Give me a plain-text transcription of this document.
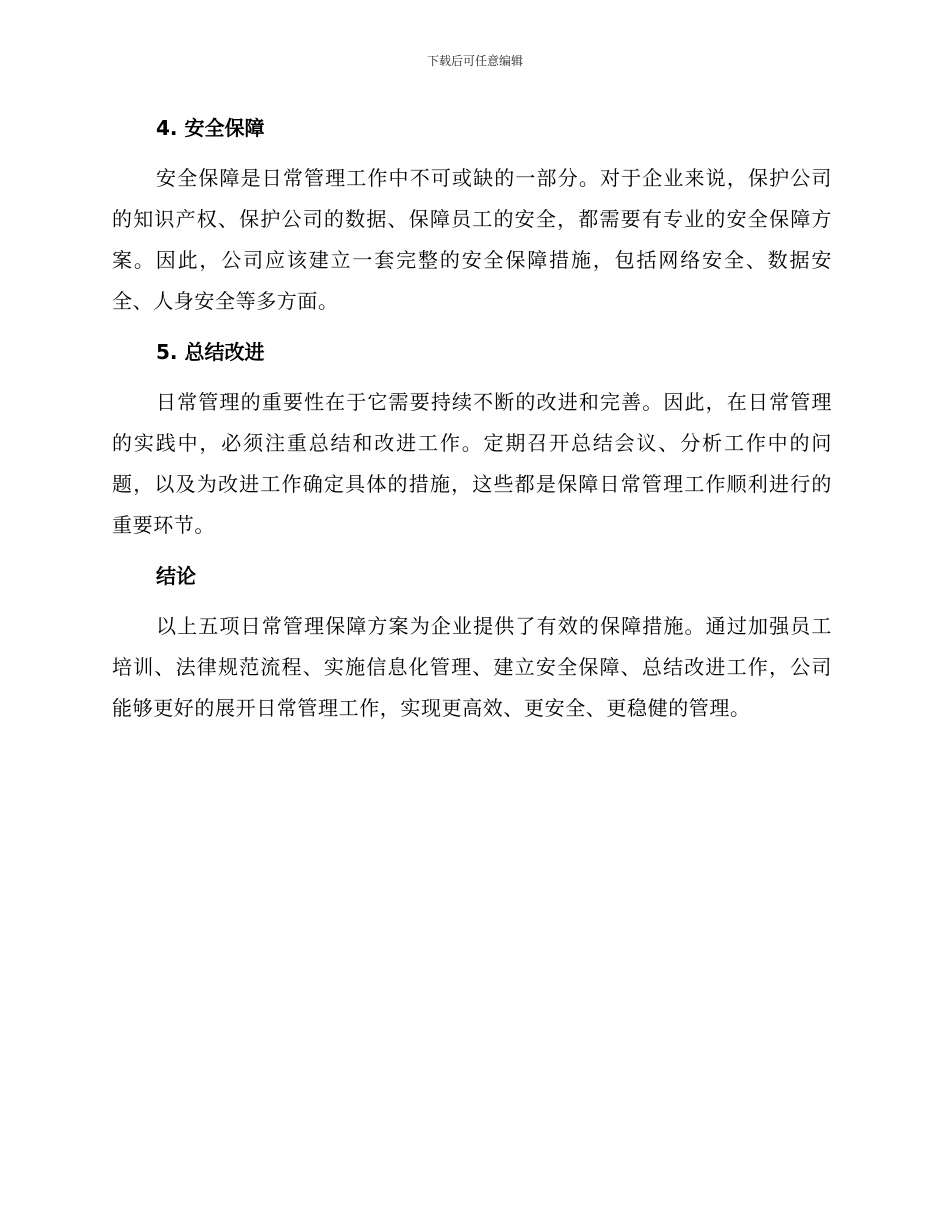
下载后可任意编辑
4. 安全保障

安全保障是日常管理工作中不可或缺的一部分。对于企业来说，保护公司的知识产权、保护公司的数据、保障员工的安全，都需要有专业的安全保障方案。因此，公司应该建立一套完整的安全保障措施，包括网络安全、数据安全、人身安全等多方面。

5. 总结改进

日常管理的重要性在于它需要持续不断的改进和完善。因此，在日常管理的实践中，必须注重总结和改进工作。定期召开总结会议、分析工作中的问题，以及为改进工作确定具体的措施，这些都是保障日常管理工作顺利进行的重要环节。

结论

以上五项日常管理保障方案为企业提供了有效的保障措施。通过加强员工培训、法律规范流程、实施信息化管理、建立安全保障、总结改进工作，公司能够更好的展开日常管理工作，实现更高效、更安全、更稳健的管理。
